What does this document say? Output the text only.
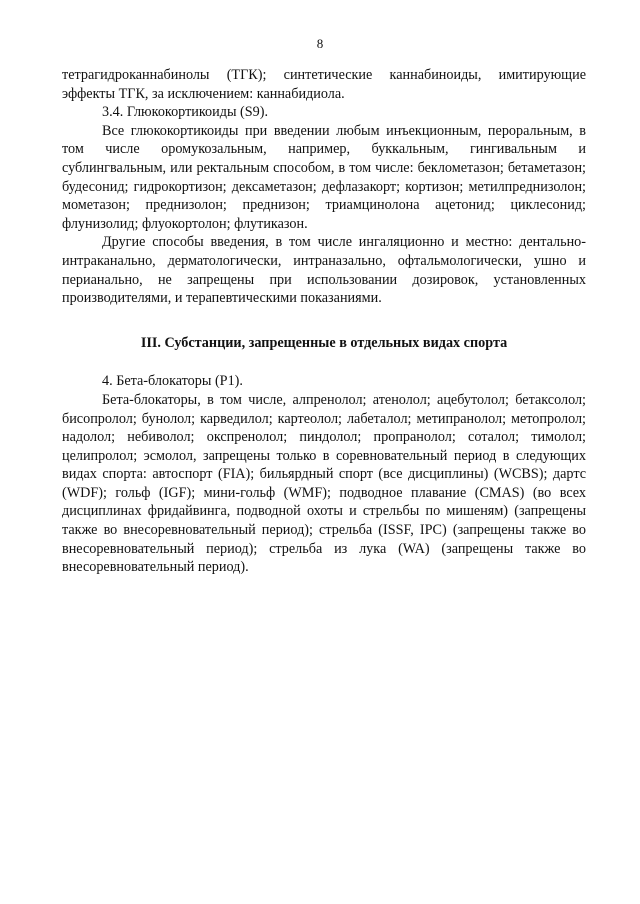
8

тетрагидроканнабинолы (ТГК); синтетические каннабиноиды, имитирующие эффекты ТГК, за исключением: каннабидиола.

3.4. Глюкокортикоиды (S9).

Все глюкокортикоиды при введении любым инъекционным, пероральным, в том числе оромукозальным, например, буккальным, гингивальным и сублингвальным, или ректальным способом, в том числе: беклометазон; бетаметазон; будесонид; гидрокортизон; дексаметазон; дефлазакорт; кортизон; метилпреднизолон; мометазон; преднизолон; преднизон; триамцинолона ацетонид; циклесонид; флунизолид; флуокортолон; флутиказон.

Другие способы введения, в том числе ингаляционно и местно: дентально-интраканально, дерматологически, интраназально, офтальмологически, ушно и перианально, не запрещены при использовании дозировок, установленных производителями, и терапевтическими показаниями.

III. Субстанции, запрещенные в отдельных видах спорта

4. Бета-блокаторы (P1).

Бета-блокаторы, в том числе, алпренолол; атенолол; ацебутолол; бетаксолол; бисопролол; бунолол; карведилол; картеолол; лабеталол; метипранолол; метопролол; надолол; небиволол; окспренолол; пиндолол; пропранолол; соталол; тимолол; целипролол; эсмолол, запрещены только в соревновательный период в следующих видах спорта: автоспорт (FIA); бильярдный спорт (все дисциплины) (WCBS); дартс (WDF); гольф (IGF); мини-гольф (WMF); подводное плавание (CMAS) (во всех дисциплинах фридайвинга, подводной охоты и стрельбы по мишеням) (запрещены также во внесоревновательный период); стрельба (ISSF, IPC) (запрещены также во внесоревновательный период); стрельба из лука (WA) (запрещены также во внесоревновательный период).
